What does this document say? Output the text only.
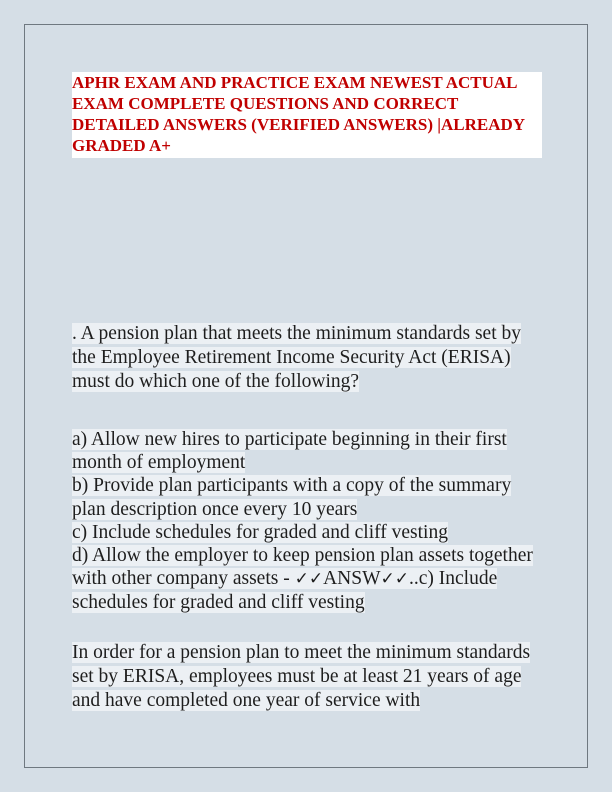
APHR EXAM AND PRACTICE EXAM NEWEST ACTUAL EXAM COMPLETE QUESTIONS AND CORRECT DETAILED ANSWERS (VERIFIED ANSWERS) |ALREADY GRADED A+
. A pension plan that meets the minimum standards set by the Employee Retirement Income Security Act (ERISA) must do which one of the following?
a) Allow new hires to participate beginning in their first month of employment
b) Provide plan participants with a copy of the summary plan description once every 10 years
c) Include schedules for graded and cliff vesting
d) Allow the employer to keep pension plan assets together with other company assets - ✓✓ANSW✓✓..c) Include schedules for graded and cliff vesting
In order for a pension plan to meet the minimum standards set by ERISA, employees must be at least 21 years of age and have completed one year of service with
